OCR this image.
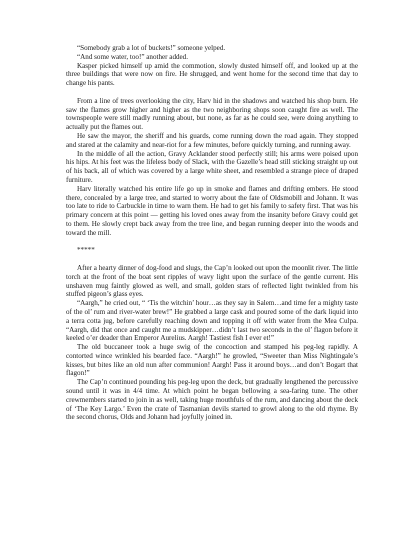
“Somebody grab a lot of buckets!” someone yelped.

“And some water, too!” another added.

Kasper picked himself up amid the commotion, slowly dusted himself off, and looked up at the three buildings that were now on fire. He shrugged, and went home for the second time that day to change his pants.

From a line of trees overlooking the city, Harv hid in the shadows and watched his shop burn. He saw the flames grow higher and higher as the two neighboring shops soon caught fire as well. The townspeople were still madly running about, but none, as far as he could see, were doing anything to actually put the flames out.

He saw the mayor, the sheriff and his guards, come running down the road again. They stopped and stared at the calamity and near-riot for a few minutes, before quickly turning, and running away.

In the middle of all the action, Gravy Acklander stood perfectly still; his arms were poised upon his hips. At his feet was the lifeless body of Slack, with the Gazelle’s head still sticking straight up out of his back, all of which was covered by a large white sheet, and resembled a strange piece of draped furniture.

Harv literally watched his entire life go up in smoke and flames and drifting embers. He stood there, concealed by a large tree, and started to worry about the fate of Oldsmobill and Johann. It was too late to ride to Carbuckle in time to warn them. He had to get his family to safety first. That was his primary concern at this point — getting his loved ones away from the insanity before Gravy could get to them. He slowly crept back away from the tree line, and began running deeper into the woods and toward the mill.

*****

After a hearty dinner of dog-food and slugs, the Cap’n looked out upon the moonlit river. The little torch at the front of the boat sent ripples of wavy light upon the surface of the gentle current. His unshaven mug faintly glowed as well, and small, golden stars of reflected light twinkled from his stuffed pigeon’s glass eyes.

“Aargh,” he cried out, “ ‘Tis the witchin’ hour…as they say in Salem…and time fer a mighty taste of the ol’ rum and river-water brew!” He grabbed a large cask and poured some of the dark liquid into a terra cotta jug, before carefully reaching down and topping it off with water from the Mea Culpa. “Aargh, did that once and caught me a mudskipper…didn’t last two seconds in the ol’ flagon before it keeled o’er deader than Emperor Aurelius. Aargh! Tastiest fish I ever et!”

The old buccaneer took a huge swig of the concoction and stamped his peg-leg rapidly. A contorted wince wrinkled his bearded face. “Aargh!” he growled, “Sweeter than Miss Nightingale’s kisses, but bites like an old nun after communion! Aargh! Pass it around boys…and don’t Bogart that flagon!”

The Cap’n continued pounding his peg-leg upon the deck, but gradually lengthened the percussive sound until it was in 4/4 time. At which point he began bellowing a sea-faring tune. The other crewmembers started to join in as well, taking huge mouthfuls of the rum, and dancing about the deck of ‘The Key Largo.’ Even the crate of Tasmanian devils started to growl along to the old rhyme. By the second chorus, Olds and Johann had joyfully joined in.
